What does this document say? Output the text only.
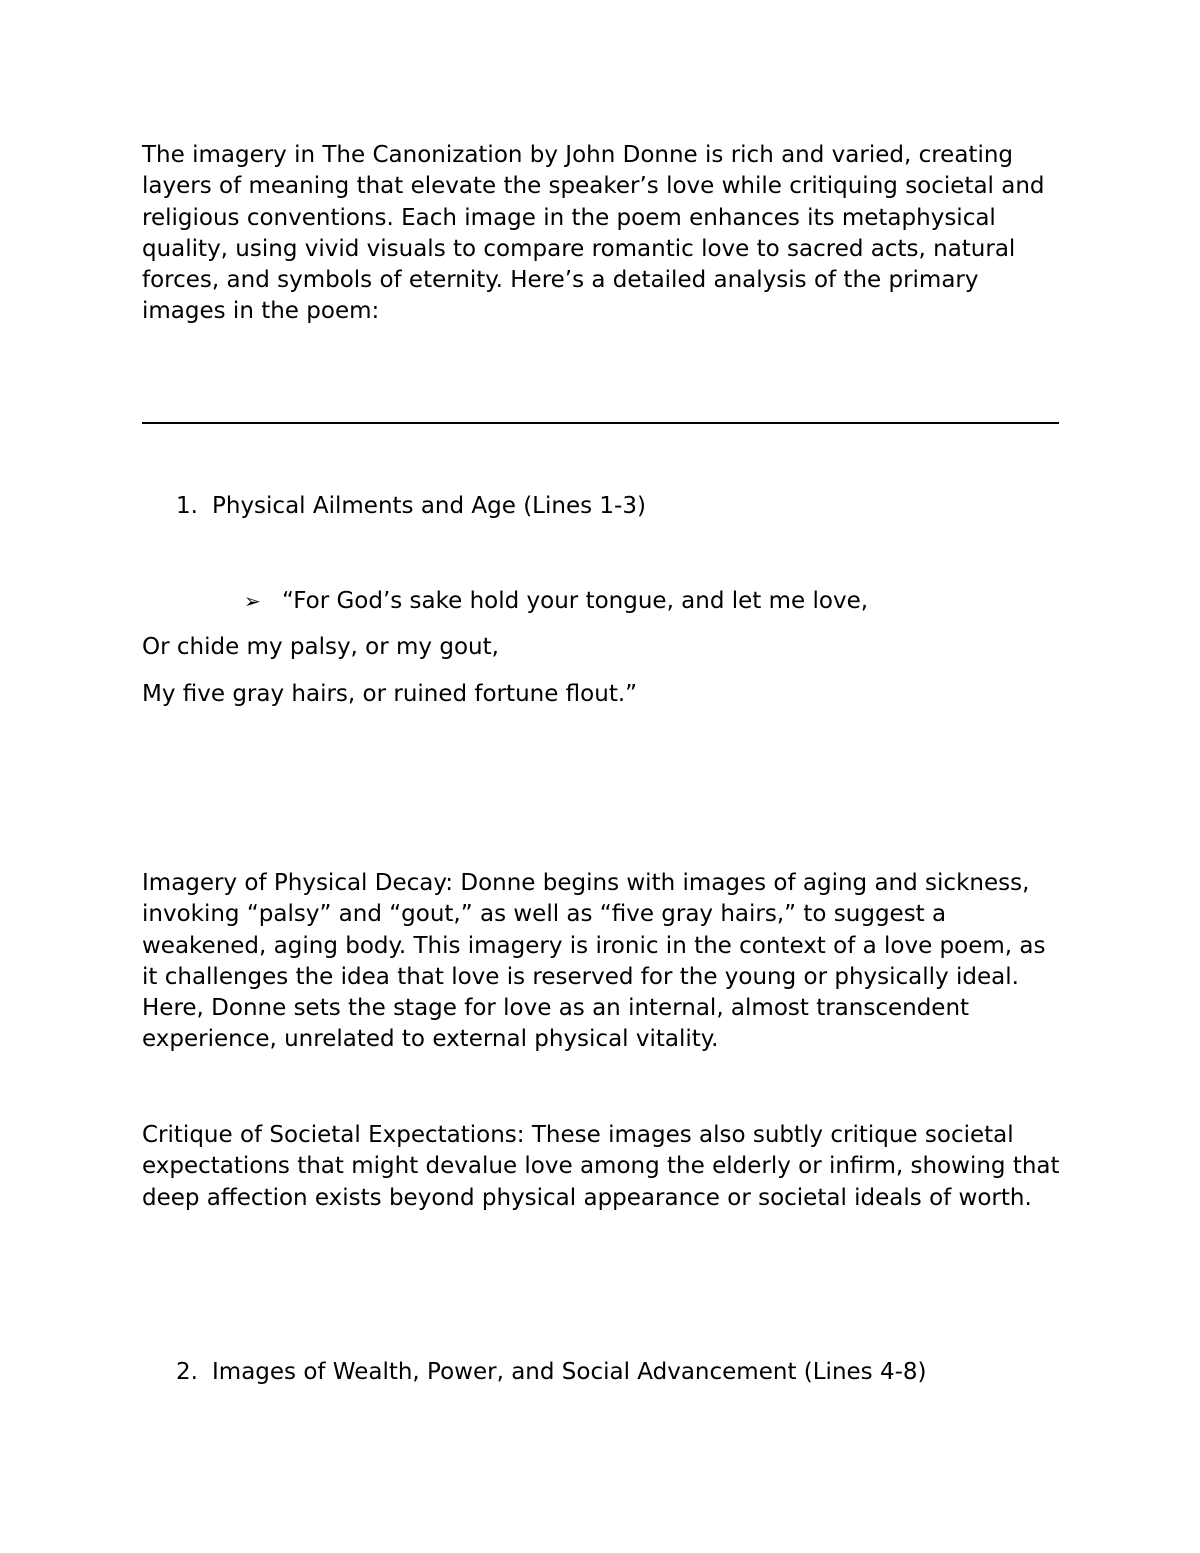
The imagery in The Canonization by John Donne is rich and varied, creating layers of meaning that elevate the speaker’s love while critiquing societal and religious conventions. Each image in the poem enhances its metaphysical quality, using vivid visuals to compare romantic love to sacred acts, natural forces, and symbols of eternity. Here’s a detailed analysis of the primary images in the poem:

1. Physical Ailments and Age (Lines 1-3)

➢ “For God’s sake hold your tongue, and let me love,

Or chide my palsy, or my gout,

My five gray hairs, or ruined fortune flout.”

Imagery of Physical Decay: Donne begins with images of aging and sickness, invoking “palsy” and “gout,” as well as “five gray hairs,” to suggest a weakened, aging body. This imagery is ironic in the context of a love poem, as it challenges the idea that love is reserved for the young or physically ideal. Here, Donne sets the stage for love as an internal, almost transcendent experience, unrelated to external physical vitality.

Critique of Societal Expectations: These images also subtly critique societal expectations that might devalue love among the elderly or infirm, showing that deep affection exists beyond physical appearance or societal ideals of worth.

2. Images of Wealth, Power, and Social Advancement (Lines 4-8)
